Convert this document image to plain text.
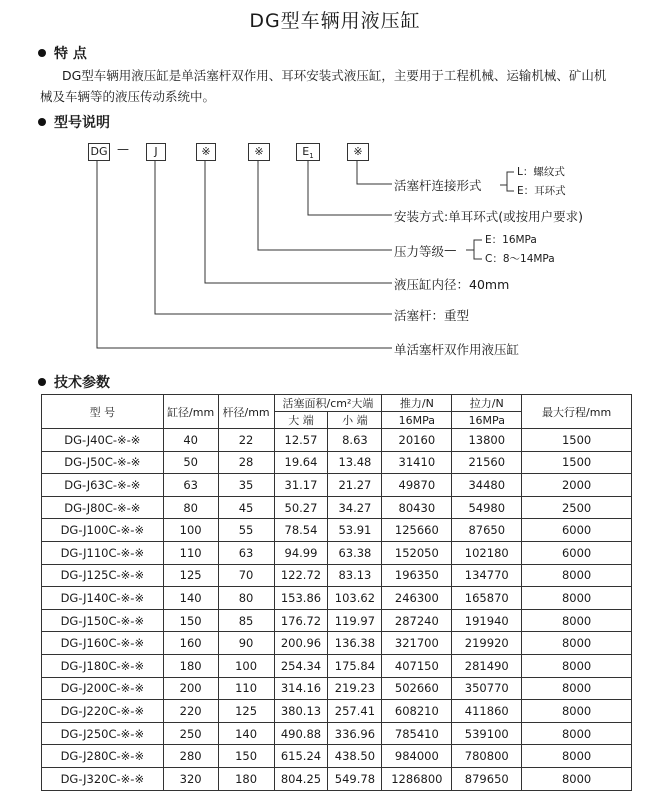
DG型车辆用液压缸
特 点
DG型车辆用液压缸是单活塞杆双作用、耳环安装式液压缸，主要用于工程机械、运输机械、矿山机
械及车辆等的液压传动系统中。
型号说明
DG —	J	※	※	$E_1$	※
活塞杆连接形式
L：螺纹式
E：耳环式
安装方式:单耳环式(或按用户要求)
压力等级 —
E：16MPa
C：8～14MPa
液压缸内径：40mm
活塞杆：重型
单活塞杆双作用液压缸
技术参数
型 号	缸径/mm	杆径/mm	活塞面积/cm²大端		推力/N	拉力/N	最大行程/mm
			大 端	小 端	16MPa	16MPa	
DG-J40C-※-※	40	22	12.57	8.63	20160	13800	1500
DG-J50C-※-※	50	28	19.64	13.48	31410	21560	1500
DG-J63C-※-※	63	35	31.17	21.27	49870	34480	2000
DG-J80C-※-※	80	45	50.27	34.27	80430	54980	2500
DG-J100C-※-※	100	55	78.54	53.91	125660	87650	6000
DG-J110C-※-※	110	63	94.99	63.38	152050	102180	6000
DG-J125C-※-※	125	70	122.72	83.13	196350	134770	8000
DG-J140C-※-※	140	80	153.86	103.62	246300	165870	8000
DG-J150C-※-※	150	85	176.72	119.97	287240	191940	8000
DG-J160C-※-※	160	90	200.96	136.38	321700	219920	8000
DG-J180C-※-※	180	100	254.34	175.84	407150	281490	8000
DG-J200C-※-※	200	110	314.16	219.23	502660	350770	8000
DG-J220C-※-※	220	125	380.13	257.41	608210	411860	8000
DG-J250C-※-※	250	140	490.88	336.96	785410	539100	8000
DG-J280C-※-※	280	150	615.24	438.50	984000	780800	8000
DG-J320C-※-※	320	180	804.25	549.78	1286800	879650	8000
